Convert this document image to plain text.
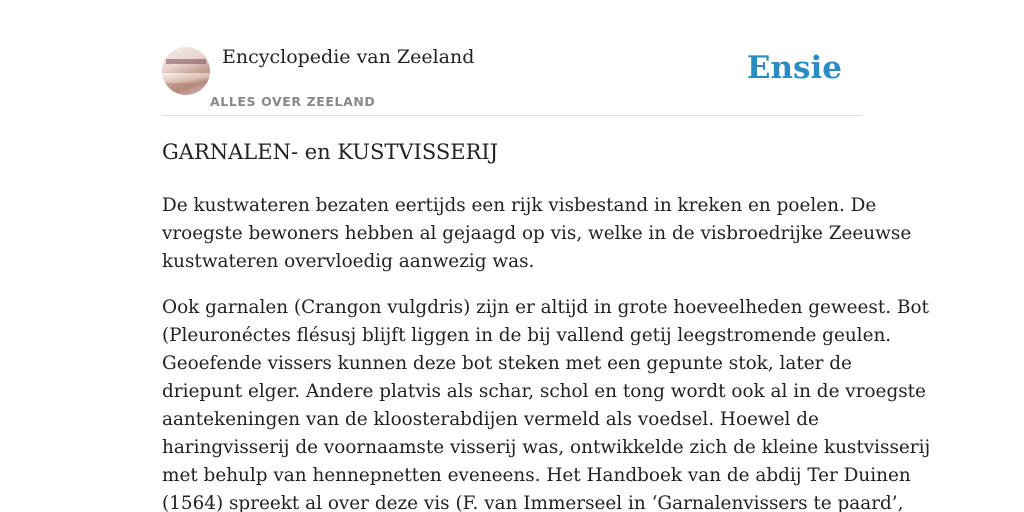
Encyclopedie van Zeeland
ALLES OVER ZEELAND
Ensie
GARNALEN- en KUSTVISSERIJ

De kustwateren bezaten eertijds een rijk visbestand in kreken en poelen. De
vroegste bewoners hebben al gejaagd op vis, welke in de visbroedrijke Zeeuwse
kustwateren overvloedig aanwezig was.

Ook garnalen (Crangon vulgdris) zijn er altijd in grote hoeveelheden geweest. Bot
(Pleuronéctes flésusj blijft liggen in de bij vallend getij leegstromende geulen.
Geoefende vissers kunnen deze bot steken met een gepunte stok, later de
driepunt elger. Andere platvis als schar, schol en tong wordt ook al in de vroegste
aantekeningen van de kloosterabdijen vermeld als voedsel. Hoewel de
haringvisserij de voornaamste visserij was, ontwikkelde zich de kleine kustvisserij
met behulp van hennepnetten eveneens. Het Handboek van de abdij Ter Duinen
(1564) spreekt al over deze vis (F. van Immerseel in ‘Garnalenvissers te paard’,
